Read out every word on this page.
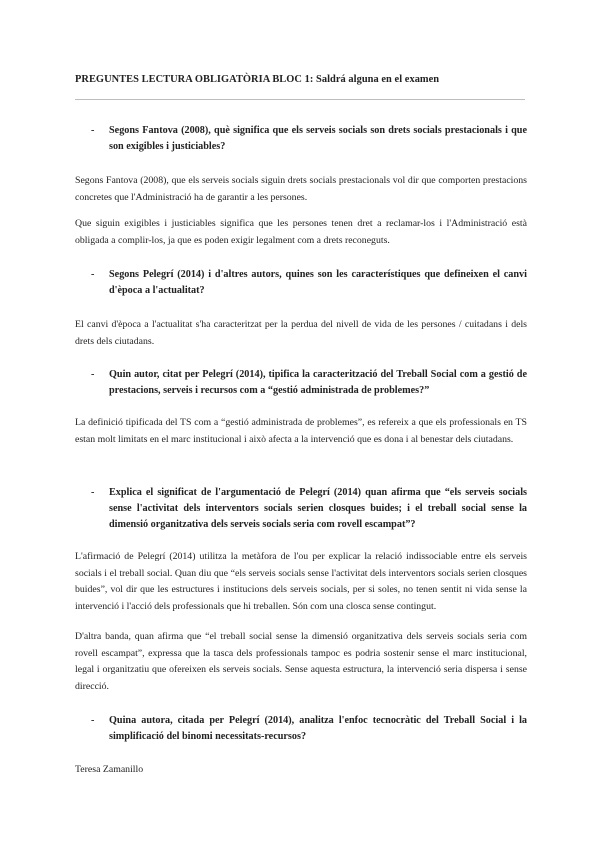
PREGUNTES LECTURA OBLIGATÒRIA BLOC 1: Saldrá alguna en el examen
- Segons Fantova (2008), què significa que els serveis socials son drets socials prestacionals i que son exigibles i justiciables?
Segons Fantova (2008), que els serveis socials siguin drets socials prestacionals vol dir que comporten prestacions concretes que l'Administració ha de garantir a les persones.
Que siguin exigibles i justiciables significa que les persones tenen dret a reclamar-los i l'Administració està obligada a complir-los, ja que es poden exigir legalment com a drets reconeguts.
- Segons Pelegrí (2014) i d'altres autors, quines son les característiques que defineixen el canvi d'època a l'actualitat?
El canvi d'època a l'actualitat s'ha caracteritzat per la perdua del nivell de vida de les persones / cuitadans i dels drets dels ciutadans.
- Quin autor, citat per Pelegrí (2014), tipifica la caracterització del Treball Social com a gestió de prestacions, serveis i recursos com a “gestió administrada de problemes?”
La definició tipificada del TS com a “gestió administrada de problemes”, es refereix a que els professionals en TS estan molt limitats en el marc institucional i això afecta a la intervenció que es dona i al benestar dels ciutadans.
- Explica el significat de l'argumentació de Pelegrí (2014) quan afirma que “els serveis socials sense l'activitat dels interventors socials serien closques buides; i el treball social sense la dimensió organitzativa dels serveis socials seria com rovell escampat”?
L'afirmació de Pelegrí (2014) utilitza la metàfora de l'ou per explicar la relació indissociable entre els serveis socials i el treball social. Quan diu que “els serveis socials sense l'activitat dels interventors socials serien closques buides”, vol dir que les estructures i institucions dels serveis socials, per si soles, no tenen sentit ni vida sense la intervenció i l'acció dels professionals que hi treballen. Són com una closca sense contingut.
D'altra banda, quan afirma que “el treball social sense la dimensió organitzativa dels serveis socials seria com rovell escampat”, expressa que la tasca dels professionals tampoc es podria sostenir sense el marc institucional, legal i organitzatiu que ofereixen els serveis socials. Sense aquesta estructura, la intervenció seria dispersa i sense direcció.
- Quina autora, citada per Pelegrí (2014), analitza l'enfoc tecnocràtic del Treball Social i la simplificació del binomi necessitats-recursos?
Teresa Zamanillo
